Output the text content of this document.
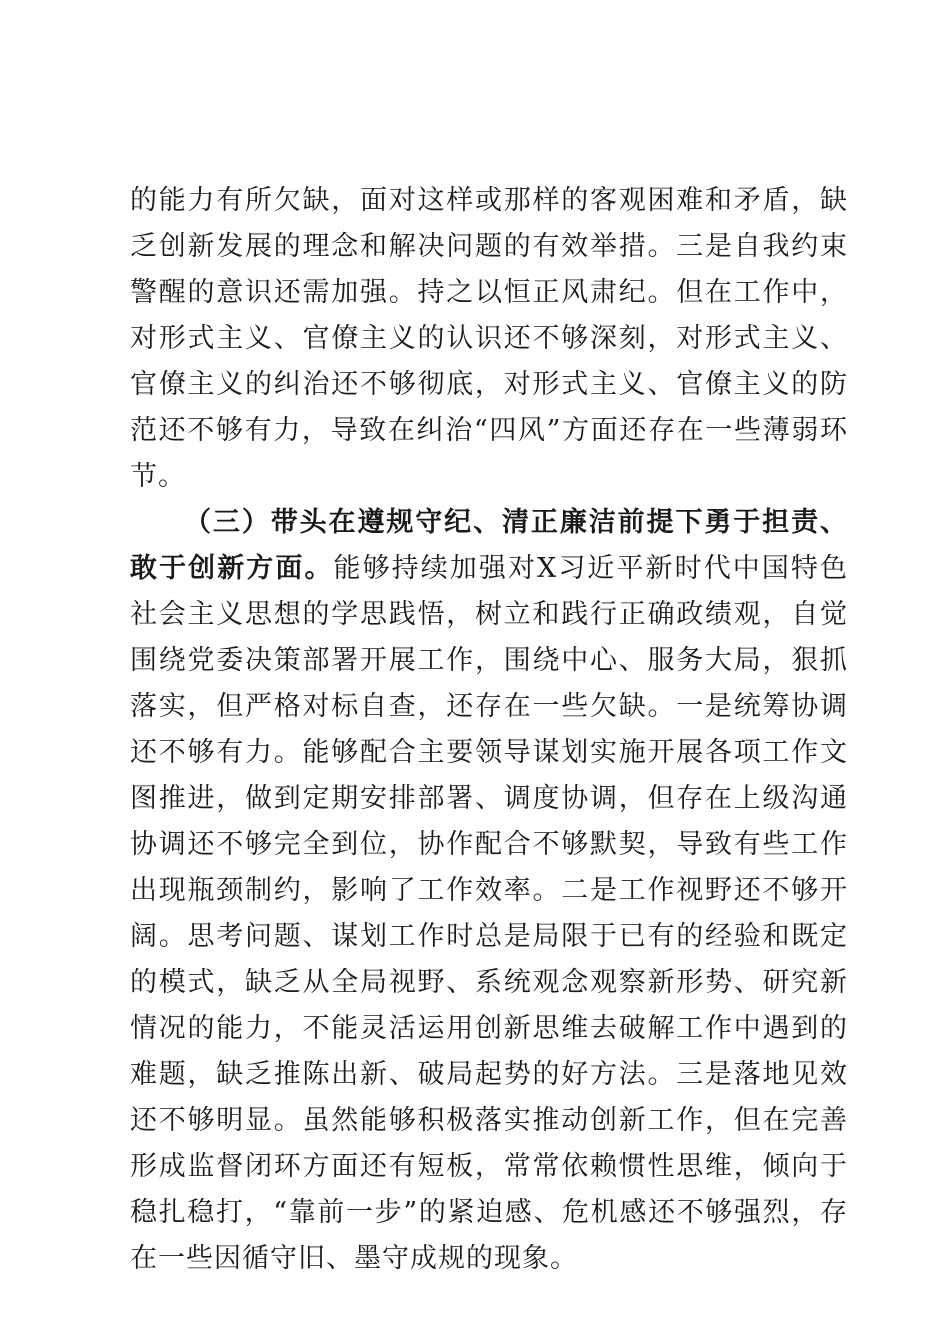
的能力有所欠缺，面对这样或那样的客观困难和矛盾，缺乏创新发展的理念和解决问题的有效举措。三是自我约束警醒的意识还需加强。持之以恒正风肃纪。但在工作中，对形式主义、官僚主义的认识还不够深刻，对形式主义、官僚主义的纠治还不够彻底，对形式主义、官僚主义的防范还不够有力，导致在纠治“四风”方面还存在一些薄弱环节。

（三）带头在遵规守纪、清正廉洁前提下勇于担责、敢于创新方面。能够持续加强对X习近平新时代中国特色社会主义思想的学思践悟，树立和践行正确政绩观，自觉围绕党委决策部署开展工作，围绕中心、服务大局，狠抓落实，但严格对标自查，还存在一些欠缺。一是统筹协调还不够有力。能够配合主要领导谋划实施开展各项工作文图推进，做到定期安排部署、调度协调，但存在上级沟通协调还不够完全到位，协作配合不够默契，导致有些工作出现瓶颈制约，影响了工作效率。二是工作视野还不够开阔。思考问题、谋划工作时总是局限于已有的经验和既定的模式，缺乏从全局视野、系统观念观察新形势、研究新情况的能力，不能灵活运用创新思维去破解工作中遇到的难题，缺乏推陈出新、破局起势的好方法。三是落地见效还不够明显。虽然能够积极落实推动创新工作，但在完善形成监督闭环方面还有短板，常常依赖惯性思维，倾向于稳扎稳打，“靠前一步”的紧迫感、危机感还不够强烈，存在一些因循守旧、墨守成规的现象。
